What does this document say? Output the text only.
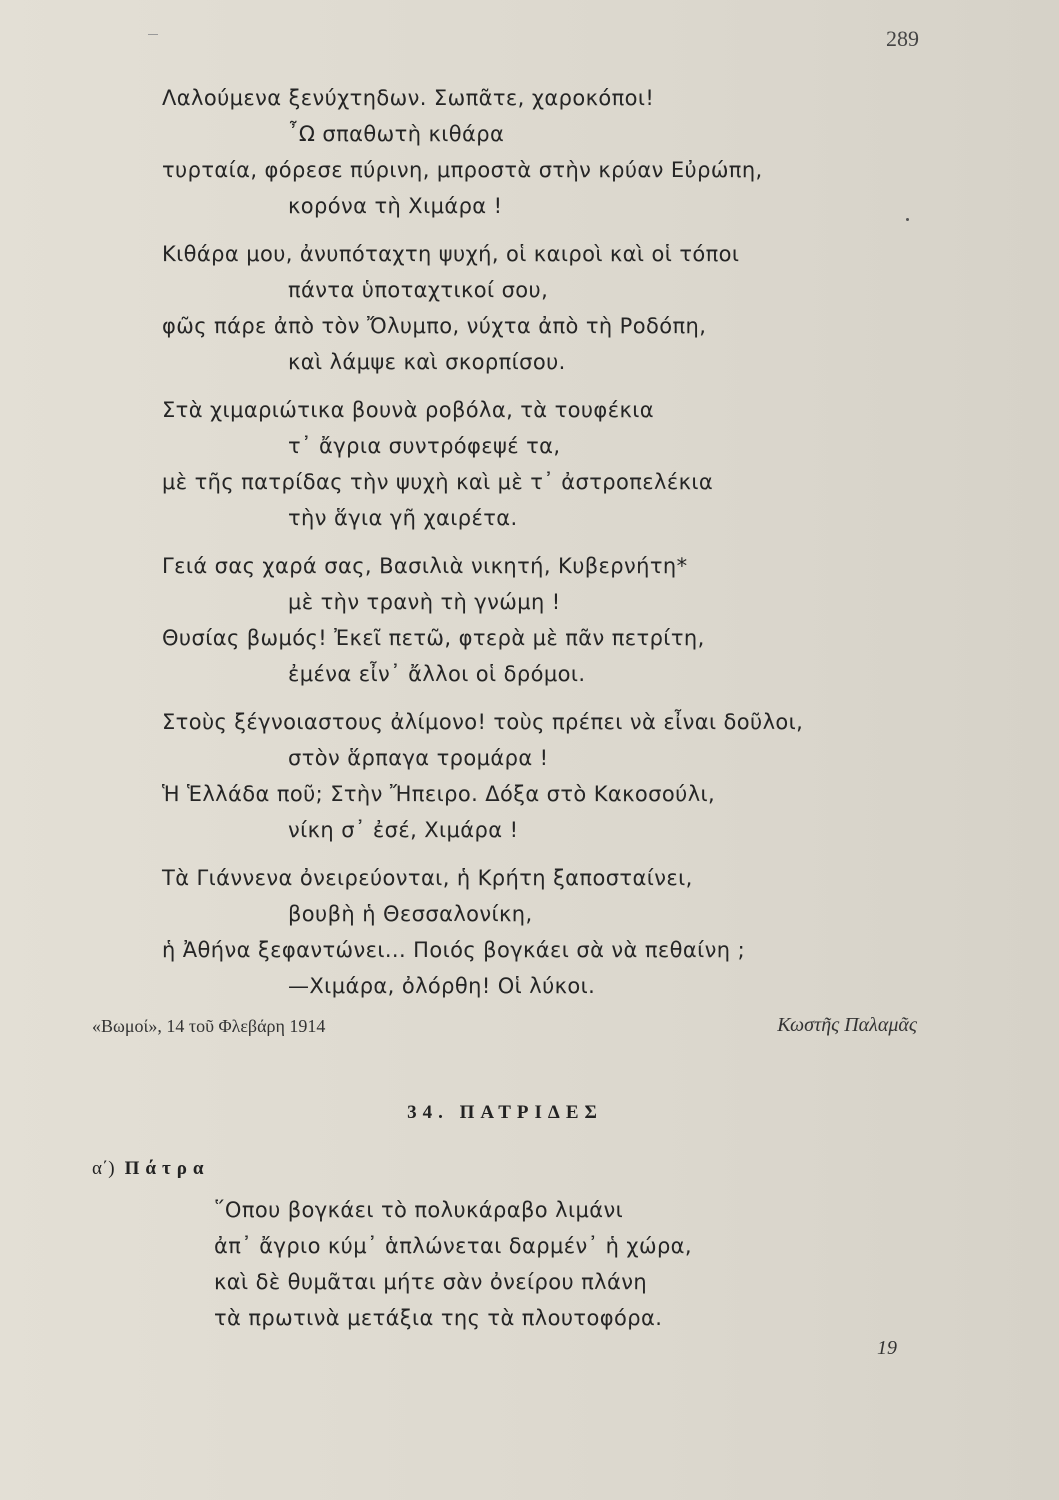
289
Λαλούμενα ξενύχτηδων. Σωπᾶτε, χαροκόποι!
῏Ω σπαθωτὴ κιθάρα
τυρταία, φόρεσε πύρινη, μπροστὰ στὴν κρύαν Εὐρώπη,
κορόνα τὴ Χιμάρα !
Κιθάρα μου, ἀνυπόταχτη ψυχή, οἱ καιροὶ καὶ οἱ τόποι
πάντα ὑποταχτικοί σου,
φῶς πάρε ἀπὸ τὸν Ὄλυμπο, νύχτα ἀπὸ τὴ Ροδόπη,
καὶ λάμψε καὶ σκορπίσου.
Στὰ χιμαριώτικα βουνὰ ροβόλα, τὰ τουφέκια
τ᾿ ἄγρια συντρόφεψέ τα,
μὲ τῆς πατρίδας τὴν ψυχὴ καὶ μὲ τ᾿ ἀστροπελέκια
τὴν ἅγια γῆ χαιρέτα.
Γειά σας χαρά σας, Βασιλιὰ νικητή, Κυβερνήτη*
μὲ τὴν τρανὴ τὴ γνώμη !
Θυσίας βωμός! Ἐκεῖ πετῶ, φτερὰ μὲ πᾶν πετρίτη,
ἐμένα εἶν᾿ ἄλλοι οἱ δρόμοι.
Στοὺς ξέγνοιαστους ἀλίμονο! τοὺς πρέπει νὰ εἶναι δοῦλοι,
στὸν ἅρπαγα τρομάρα !
Ἡ Ἑλλάδα ποῦ; Στὴν Ἤπειρο. Δόξα στὸ Κακοσούλι,
νίκη σ᾿ ἐσέ, Χιμάρα !
Τὰ Γιάννενα ὀνειρεύονται, ἡ Κρήτη ξαποσταίνει,
βουβὴ ἡ Θεσσαλονίκη,
ἡ Ἀθήνα ξεφαντώνει... Ποιός βογκάει σὰ νὰ πεθαίνη ;
—Χιμάρα, ὀλόρθη! Οἱ λύκοι.
«Βωμοί», 14 τοῦ Φλεβάρη 1914	Κωστῆς Παλαμᾶς
34. ΠΑΤΡΙΔΕΣ
α΄) Πάτρα
῞Οπου βογκάει τὸ πολυκάραβο λιμάνι
ἀπ᾿ ἄγριο κύμ᾿ ἁπλώνεται δαρμέν᾿ ἡ χώρα,
καὶ δὲ θυμᾶται μήτε σὰν ὀνείρου πλάνη
τὰ πρωτινὰ μετάξια της τὰ πλουτοφόρα.
19
